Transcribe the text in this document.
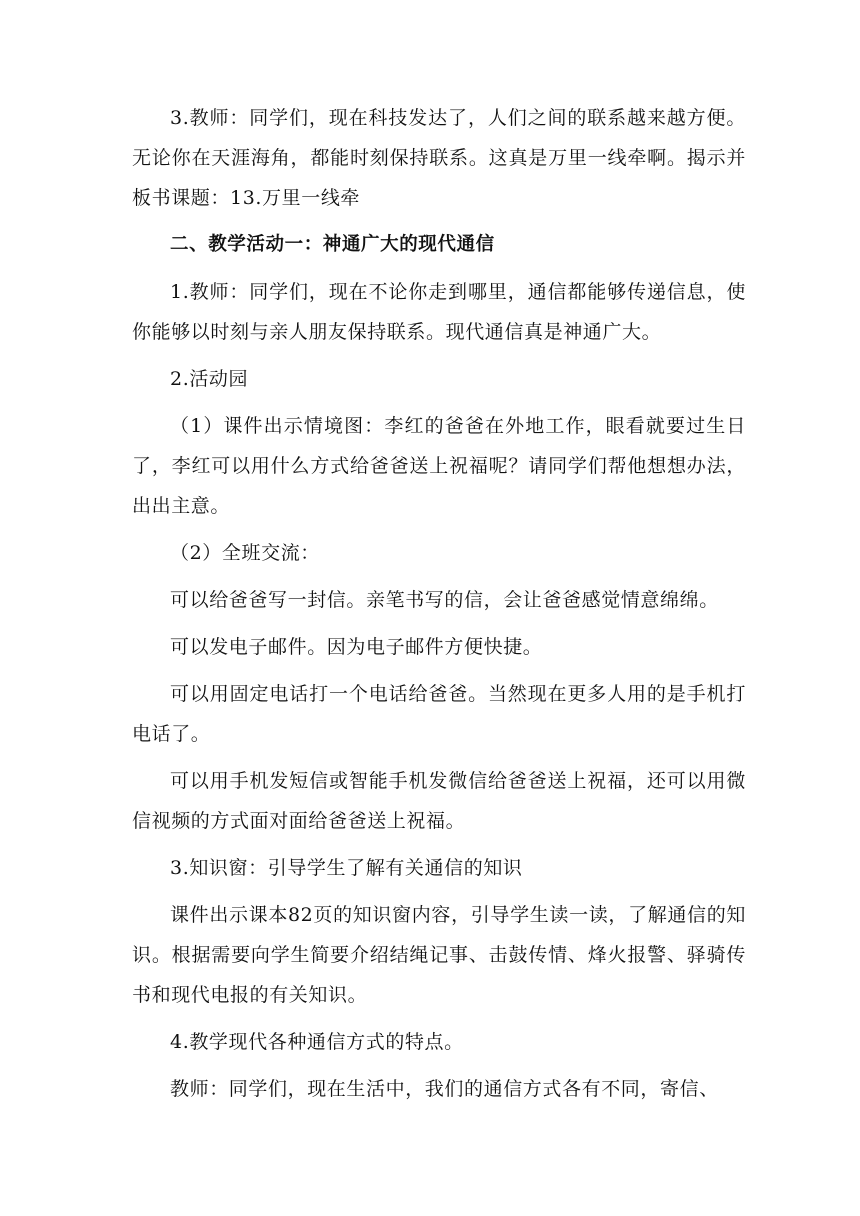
3.教师：同学们，现在科技发达了，人们之间的联系越来越方便。无论你在天涯海角，都能时刻保持联系。这真是万里一线牵啊。揭示并板书课题：13.万里一线牵

二、教学活动一：神通广大的现代通信

1.教师：同学们，现在不论你走到哪里，通信都能够传递信息，使你能够以时刻与亲人朋友保持联系。现代通信真是神通广大。

2.活动园

（1）课件出示情境图：李红的爸爸在外地工作，眼看就要过生日了，李红可以用什么方式给爸爸送上祝福呢？请同学们帮他想想办法，出出主意。

（2）全班交流：

可以给爸爸写一封信。亲笔书写的信，会让爸爸感觉情意绵绵。

可以发电子邮件。因为电子邮件方便快捷。

可以用固定电话打一个电话给爸爸。当然现在更多人用的是手机打电话了。

可以用手机发短信或智能手机发微信给爸爸送上祝福，还可以用微信视频的方式面对面给爸爸送上祝福。

3.知识窗：引导学生了解有关通信的知识

课件出示课本82页的知识窗内容，引导学生读一读，了解通信的知识。根据需要向学生简要介绍结绳记事、击鼓传情、烽火报警、驿骑传书和现代电报的有关知识。

4.教学现代各种通信方式的特点。

教师：同学们，现在生活中，我们的通信方式各有不同，寄信、
